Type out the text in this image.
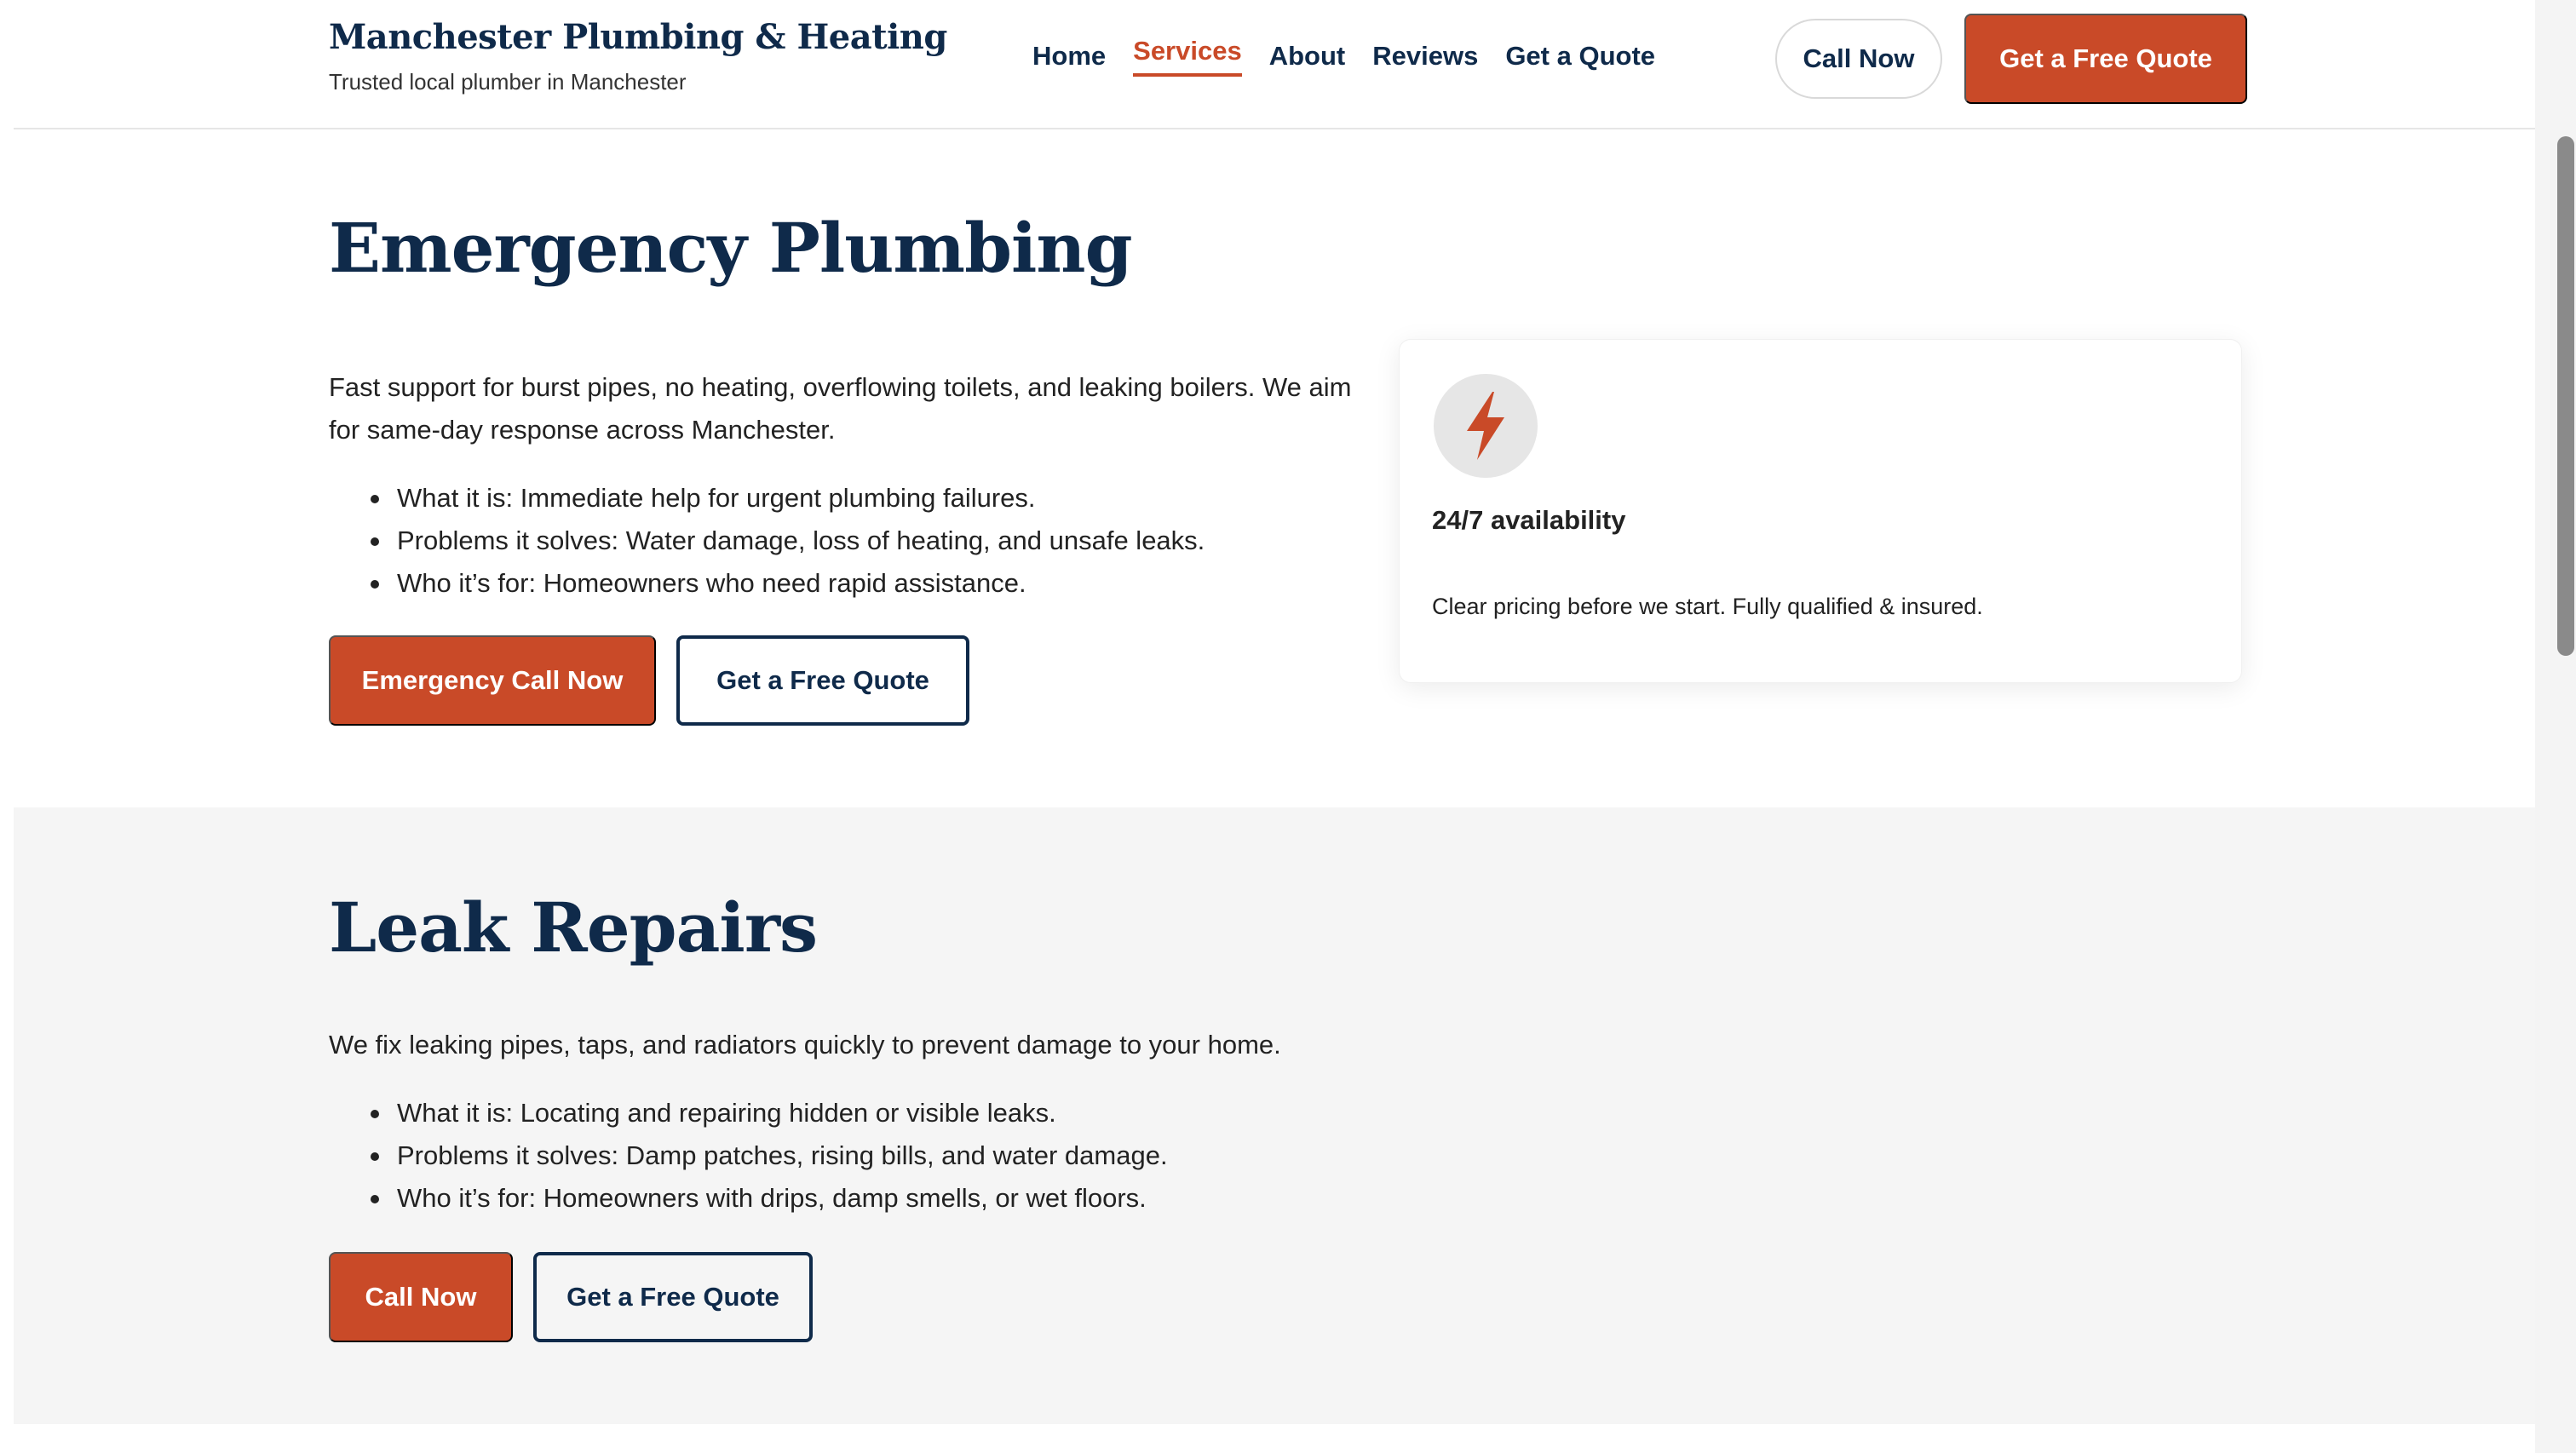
Manchester Plumbing & Heating
Trusted local plumber in Manchester
Home Services About Reviews Get a Quote	Call Now	Get a Free Quote
Emergency Plumbing

Fast support for burst pipes, no heating, overflowing toilets, and leaking boilers. We aim for same-day response across Manchester.

What it is: Immediate help for urgent plumbing failures.
Problems it solves: Water damage, loss of heating, and unsafe leaks.
Who it’s for: Homeowners who need rapid assistance.
Emergency Call Now	Get a Free Quote
24/7 availability
Clear pricing before we start. Fully qualified & insured.
Leak Repairs

We fix leaking pipes, taps, and radiators quickly to prevent damage to your home.

What it is: Locating and repairing hidden or visible leaks.
Problems it solves: Damp patches, rising bills, and water damage.
Who it’s for: Homeowners with drips, damp smells, or wet floors.
Call Now	Get a Free Quote
